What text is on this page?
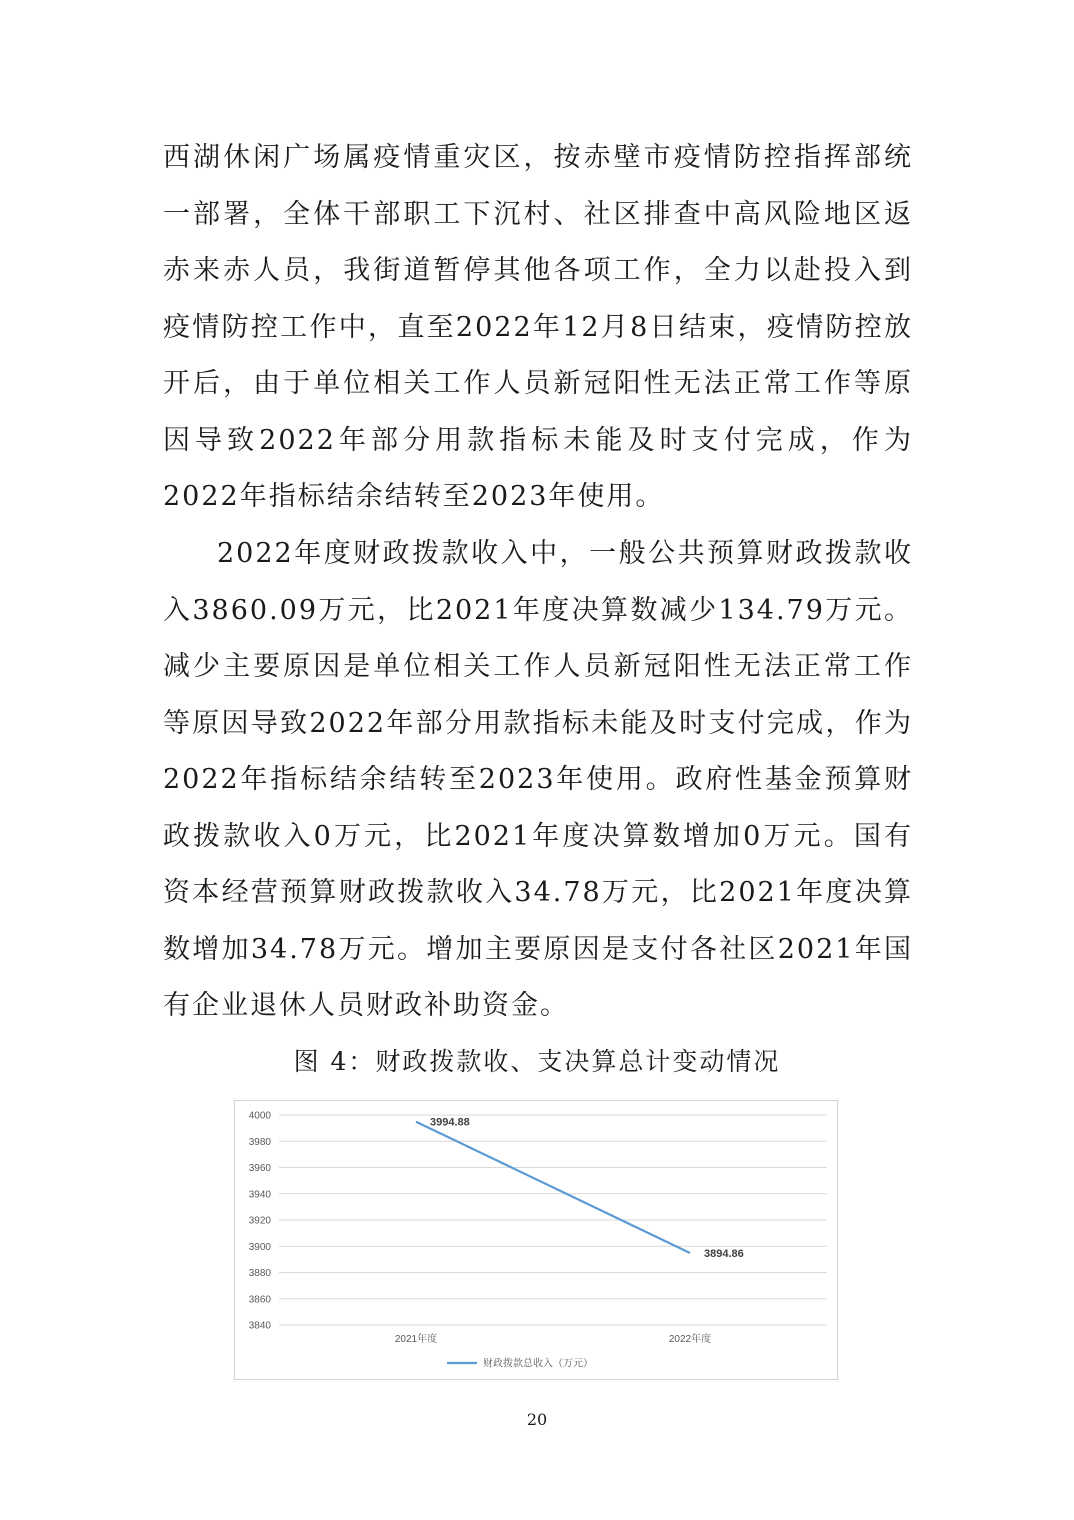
西湖休闲广场属疫情重灾区，按赤壁市疫情防控指挥部统一部署，全体干部职工下沉村、社区排查中高风险地区返赤来赤人员，我街道暂停其他各项工作，全力以赴投入到疫情防控工作中，直至2022年12月8日结束，疫情防控放开后，由于单位相关工作人员新冠阳性无法正常工作等原因导致2022年部分用款指标未能及时支付完成，作为2022年指标结余结转至2023年使用。

2022年度财政拨款收入中，一般公共预算财政拨款收入3860.09万元，比2021年度决算数减少134.79万元。减少主要原因是单位相关工作人员新冠阳性无法正常工作等原因导致2022年部分用款指标未能及时支付完成，作为2022年指标结余结转至2023年使用。政府性基金预算财政拨款收入0万元，比2021年度决算数增加0万元。国有资本经营预算财政拨款收入34.78万元，比2021年度决算数增加34.78万元。增加主要原因是支付各社区2021年国有企业退休人员财政补助资金。

图 4：财政拨款收、支决算总计变动情况
4000
3980
3960
3940
3920
3900
3880
3860
3840
2021年度	2022年度
3994.88
3894.86
财政拨款总收入（万元）
20
